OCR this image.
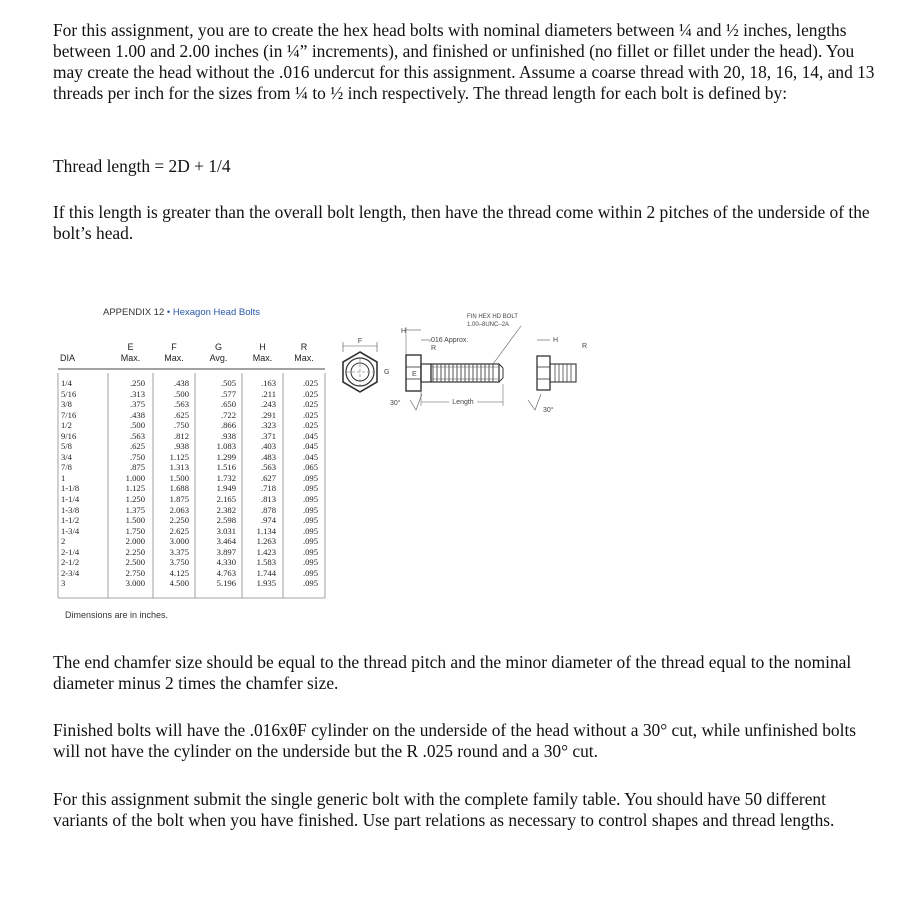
For this assignment, you are to create the hex head bolts with nominal diameters between ¼ and ½ inches, lengths between 1.00 and 2.00 inches (in ¼” increments), and finished or unfinished (no fillet or fillet under the head). You may create the head without the .016 undercut for this assignment. Assume a coarse thread with 20, 18, 16, 14, and 13 threads per inch for the sizes from ¼ to ½ inch respectively. The thread length for each bolt is defined by:

Thread length = 2D + 1/4

If this length is greater than the overall bolt length, then have the thread come within 2 pitches of the underside of the bolt’s head.

APPENDIX 12 • Hexagon Head Bolts
DIA
E
Max.
F
Max.
G
Avg.
H
Max.
R
Max.
1/4
5/16
3/8
7/16
1/2
9/16
5/8
3/4
7/8
1
1-1/8
1-1/4
1-3/8
1-1/2
1-3/4
2
2-1/4
2-1/2
2-3/4
3
.250
.313
.375
.438
.500
.563
.625
.750
.875
1.000
1.125
1.250
1.375
1.500
1.750
2.000
2.250
2.500
2.750
3.000
.438
.500
.563
.625
.750
.812
.938
1.125
1.313
1.500
1.688
1.875
2.063
2.250
2.625
3.000
3.375
3.750
4.125
4.500
.505
.577
.650
.722
.866
.938
1.083
1.299
1.516
1.732
1.949
2.165
2.382
2.598
3.031
3.464
3.897
4.330
4.763
5.196
.163
.211
.243
.291
.323
.371
.403
.483
.563
.627
.718
.813
.878
.974
1.134
1.263
1.423
1.583
1.744
1.935
.025
.025
.025
.025
.025
.045
.045
.045
.065
.095
.095
.095
.095
.095
.095
.095
.095
.095
.095
.095
Dimensions are in inches.
F
E
G
H
.016 Approx.
R
FIN HEX HD BOLT
1.00–8UNC–2A
Length
30°
H
R
30°

The end chamfer size should be equal to the thread pitch and the minor diameter of the thread equal to the nominal diameter minus 2 times the chamfer size.

Finished bolts will have the .016xθF cylinder on the underside of the head without a 30° cut, while unfinished bolts will not have the cylinder on the underside but the R .025 round and a 30° cut.

For this assignment submit the single generic bolt with the complete family table. You should have 50 different variants of the bolt when you have finished. Use part relations as necessary to control shapes and thread lengths.
